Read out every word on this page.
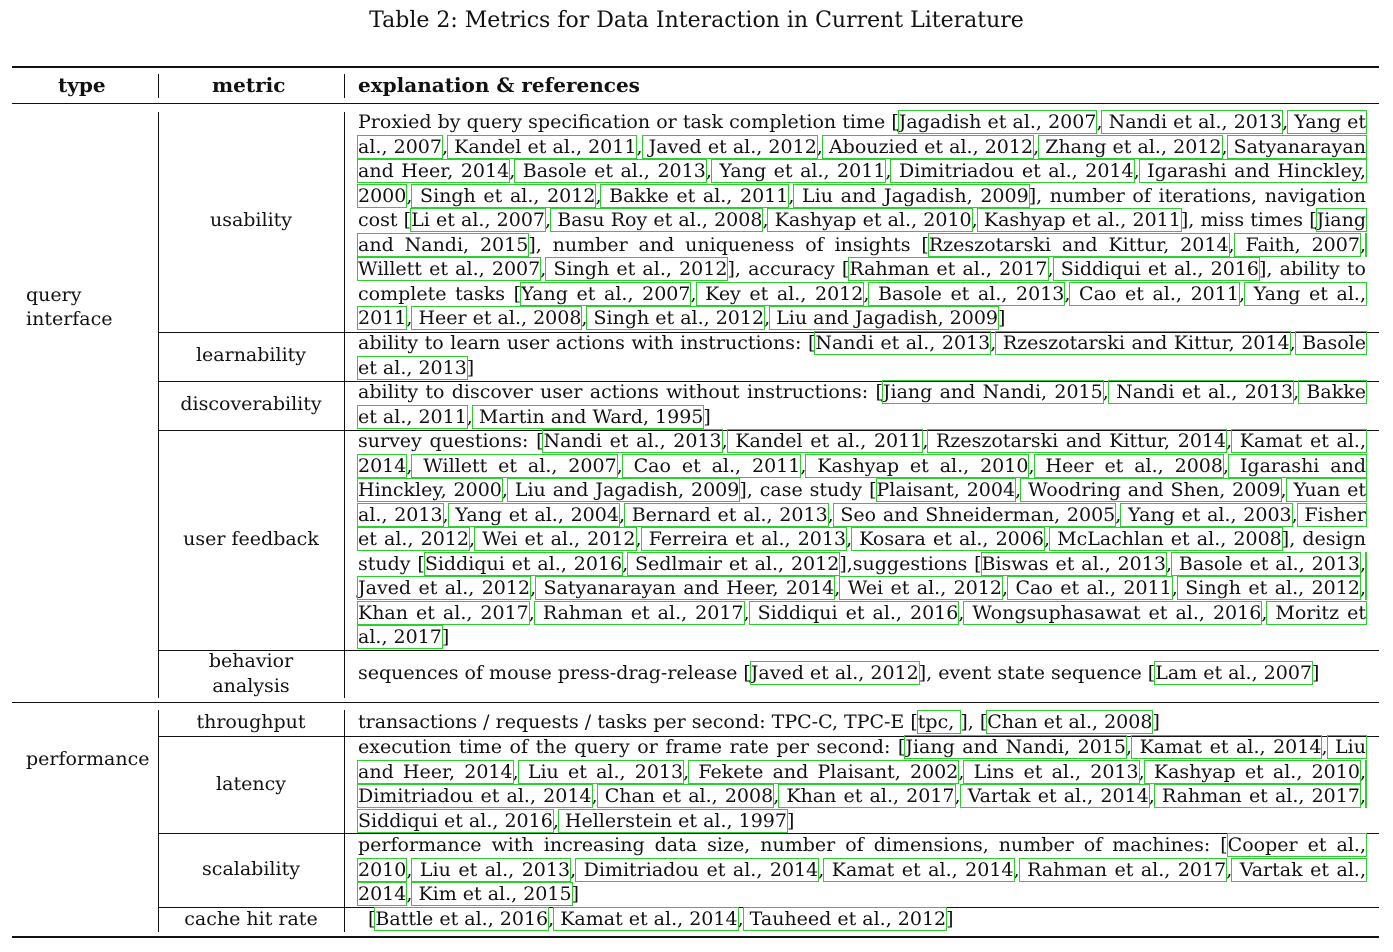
Table 2: Metrics for Data Interaction in Current Literature
type	metric	explanation & references
query interface
performance
usability
learnability
discoverability
user feedback
behavior
analysis
throughput
latency
scalability
cache hit rate
Proxied by query specification or task completion time [Jagadish et al., 2007, Nandi et al., 2013, Yang et al., 2007, Kandel et al., 2011, Javed et al., 2012, Abouzied et al., 2012, Zhang et al., 2012, Satyanarayan and Heer, 2014, Basole et al., 2013, Yang et al., 2011, Dimitriadou et al., 2014, Igarashi and Hinckley, 2000, Singh et al., 2012, Bakke et al., 2011, Liu and Jagadish, 2009], number of iterations, navigation cost [Li et al., 2007, Basu Roy et al., 2008, Kashyap et al., 2010, Kashyap et al., 2011], miss times [Jiang and Nandi, 2015], number and uniqueness of insights [Rzeszotarski and Kittur, 2014, Faith, 2007, Willett et al., 2007, Singh et al., 2012], accuracy [Rahman et al., 2017, Siddiqui et al., 2016], ability to complete tasks [Yang et al., 2007, Key et al., 2012, Basole et al., 2013, Cao et al., 2011, Yang et al., 2011, Heer et al., 2008, Singh et al., 2012, Liu and Jagadish, 2009]
ability to learn user actions with instructions: [Nandi et al., 2013, Rzeszotarski and Kittur, 2014, Basole et al., 2013]
ability to discover user actions without instructions: [Jiang and Nandi, 2015, Nandi et al., 2013, Bakke et al., 2011, Martin and Ward, 1995]
survey questions: [Nandi et al., 2013, Kandel et al., 2011, Rzeszotarski and Kittur, 2014, Kamat et al., 2014, Willett et al., 2007, Cao et al., 2011, Kashyap et al., 2010, Heer et al., 2008, Igarashi and Hinckley, 2000, Liu and Jagadish, 2009], case study [Plaisant, 2004, Woodring and Shen, 2009, Yuan et al., 2013, Yang et al., 2004, Bernard et al., 2013, Seo and Shneiderman, 2005, Yang et al., 2003, Fisher et al., 2012, Wei et al., 2012, Ferreira et al., 2013, Kosara et al., 2006, McLachlan et al., 2008], design study [Siddiqui et al., 2016, Sedlmair et al., 2012],suggestions [Biswas et al., 2013, Basole et al., 2013, Javed et al., 2012, Satyanarayan and Heer, 2014, Wei et al., 2012, Cao et al., 2011, Singh et al., 2012, Khan et al., 2017, Rahman et al., 2017, Siddiqui et al., 2016, Wongsuphasawat et al., 2016, Moritz et al., 2017]
sequences of mouse press-drag-release [Javed et al., 2012], event state sequence [Lam et al., 2007]
transactions / requests / tasks per second: TPC-C, TPC-E [tpc, ], [Chan et al., 2008]
execution time of the query or frame rate per second: [Jiang and Nandi, 2015, Kamat et al., 2014, Liu and Heer, 2014, Liu et al., 2013, Fekete and Plaisant, 2002, Lins et al., 2013, Kashyap et al., 2010, Dimitriadou et al., 2014, Chan et al., 2008, Khan et al., 2017, Vartak et al., 2014, Rahman et al., 2017, Siddiqui et al., 2016, Hellerstein et al., 1997]
performance with increasing data size, number of dimensions, number of machines: [Cooper et al., 2010, Liu et al., 2013, Dimitriadou et al., 2014, Kamat et al., 2014, Rahman et al., 2017, Vartak et al., 2014, Kim et al., 2015]
[Battle et al., 2016, Kamat et al., 2014, Tauheed et al., 2012]
